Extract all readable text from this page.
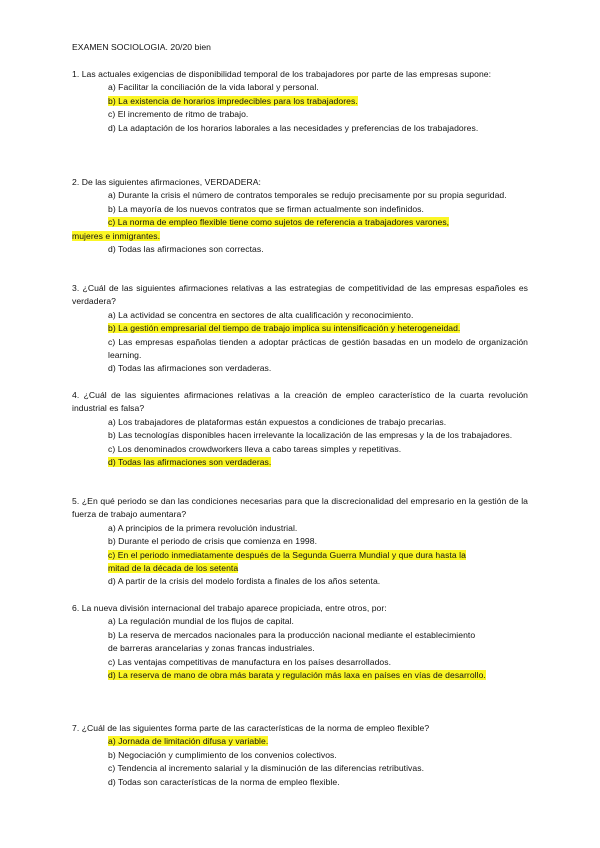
EXAMEN SOCIOLOGIA. 20/20 bien
1. Las actuales exigencias de disponibilidad temporal de los trabajadores por parte de las empresas supone:
a) Facilitar la conciliación de la vida laboral y personal.
b) La existencia de horarios impredecibles para los trabajadores.
c) El incremento de ritmo de trabajo.
d) La adaptación de los horarios laborales a las necesidades y preferencias de los trabajadores.
2. De las siguientes afirmaciones, VERDADERA:
a) Durante la crisis el número de contratos temporales se redujo precisamente por su propia seguridad.
b) La mayoría de los nuevos contratos que se firman actualmente son indefinidos.
c) La norma de empleo flexible tiene como sujetos de referencia a trabajadores varones,
mujeres e inmigrantes.
d) Todas las afirmaciones son correctas.
3. ¿Cuál de las siguientes afirmaciones relativas a las estrategias de competitividad de las empresas españoles es verdadera?
a) La actividad se concentra en sectores de alta cualificación y reconocimiento.
b) La gestión empresarial del tiempo de trabajo implica su intensificación y heterogeneidad.
c) Las empresas españolas tienden a adoptar prácticas de gestión basadas en un modelo de organización learning.
d) Todas las afirmaciones son verdaderas.
4. ¿Cuál de las siguientes afirmaciones relativas a la creación de empleo característico de la cuarta revolución industrial es falsa?
a) Los trabajadores de plataformas están expuestos a condiciones de trabajo precarias.
b) Las tecnologías disponibles hacen irrelevante la localización de las empresas y la de los trabajadores.
c) Los denominados crowdworkers lleva a cabo tareas simples y repetitivas.
d) Todas las afirmaciones son verdaderas.
5. ¿En qué periodo se dan las condiciones necesarias para que la discrecionalidad del empresario en la gestión de la fuerza de trabajo aumentara?
a) A principios de la primera revolución industrial.
b) Durante el periodo de crisis que comienza en 1998.
c) En el periodo inmediatamente después de la Segunda Guerra Mundial y que dura hasta la
mitad de la década de los setenta
d) A partir de la crisis del modelo fordista a finales de los años setenta.
6. La nueva división internacional del trabajo aparece propiciada, entre otros, por:
a) La regulación mundial de los flujos de capital.
b) La reserva de mercados nacionales para la producción nacional mediante el establecimiento
de barreras arancelarias y zonas francas industriales.
c) Las ventajas competitivas de manufactura en los países desarrollados.
d) La reserva de mano de obra más barata y regulación más laxa en países en vías de desarrollo.
7. ¿Cuál de las siguientes forma parte de las características de la norma de empleo flexible?
a) Jornada de limitación difusa y variable.
b) Negociación y cumplimiento de los convenios colectivos.
c) Tendencia al incremento salarial y la disminución de las diferencias retributivas.
d) Todas son características de la norma de empleo flexible.
